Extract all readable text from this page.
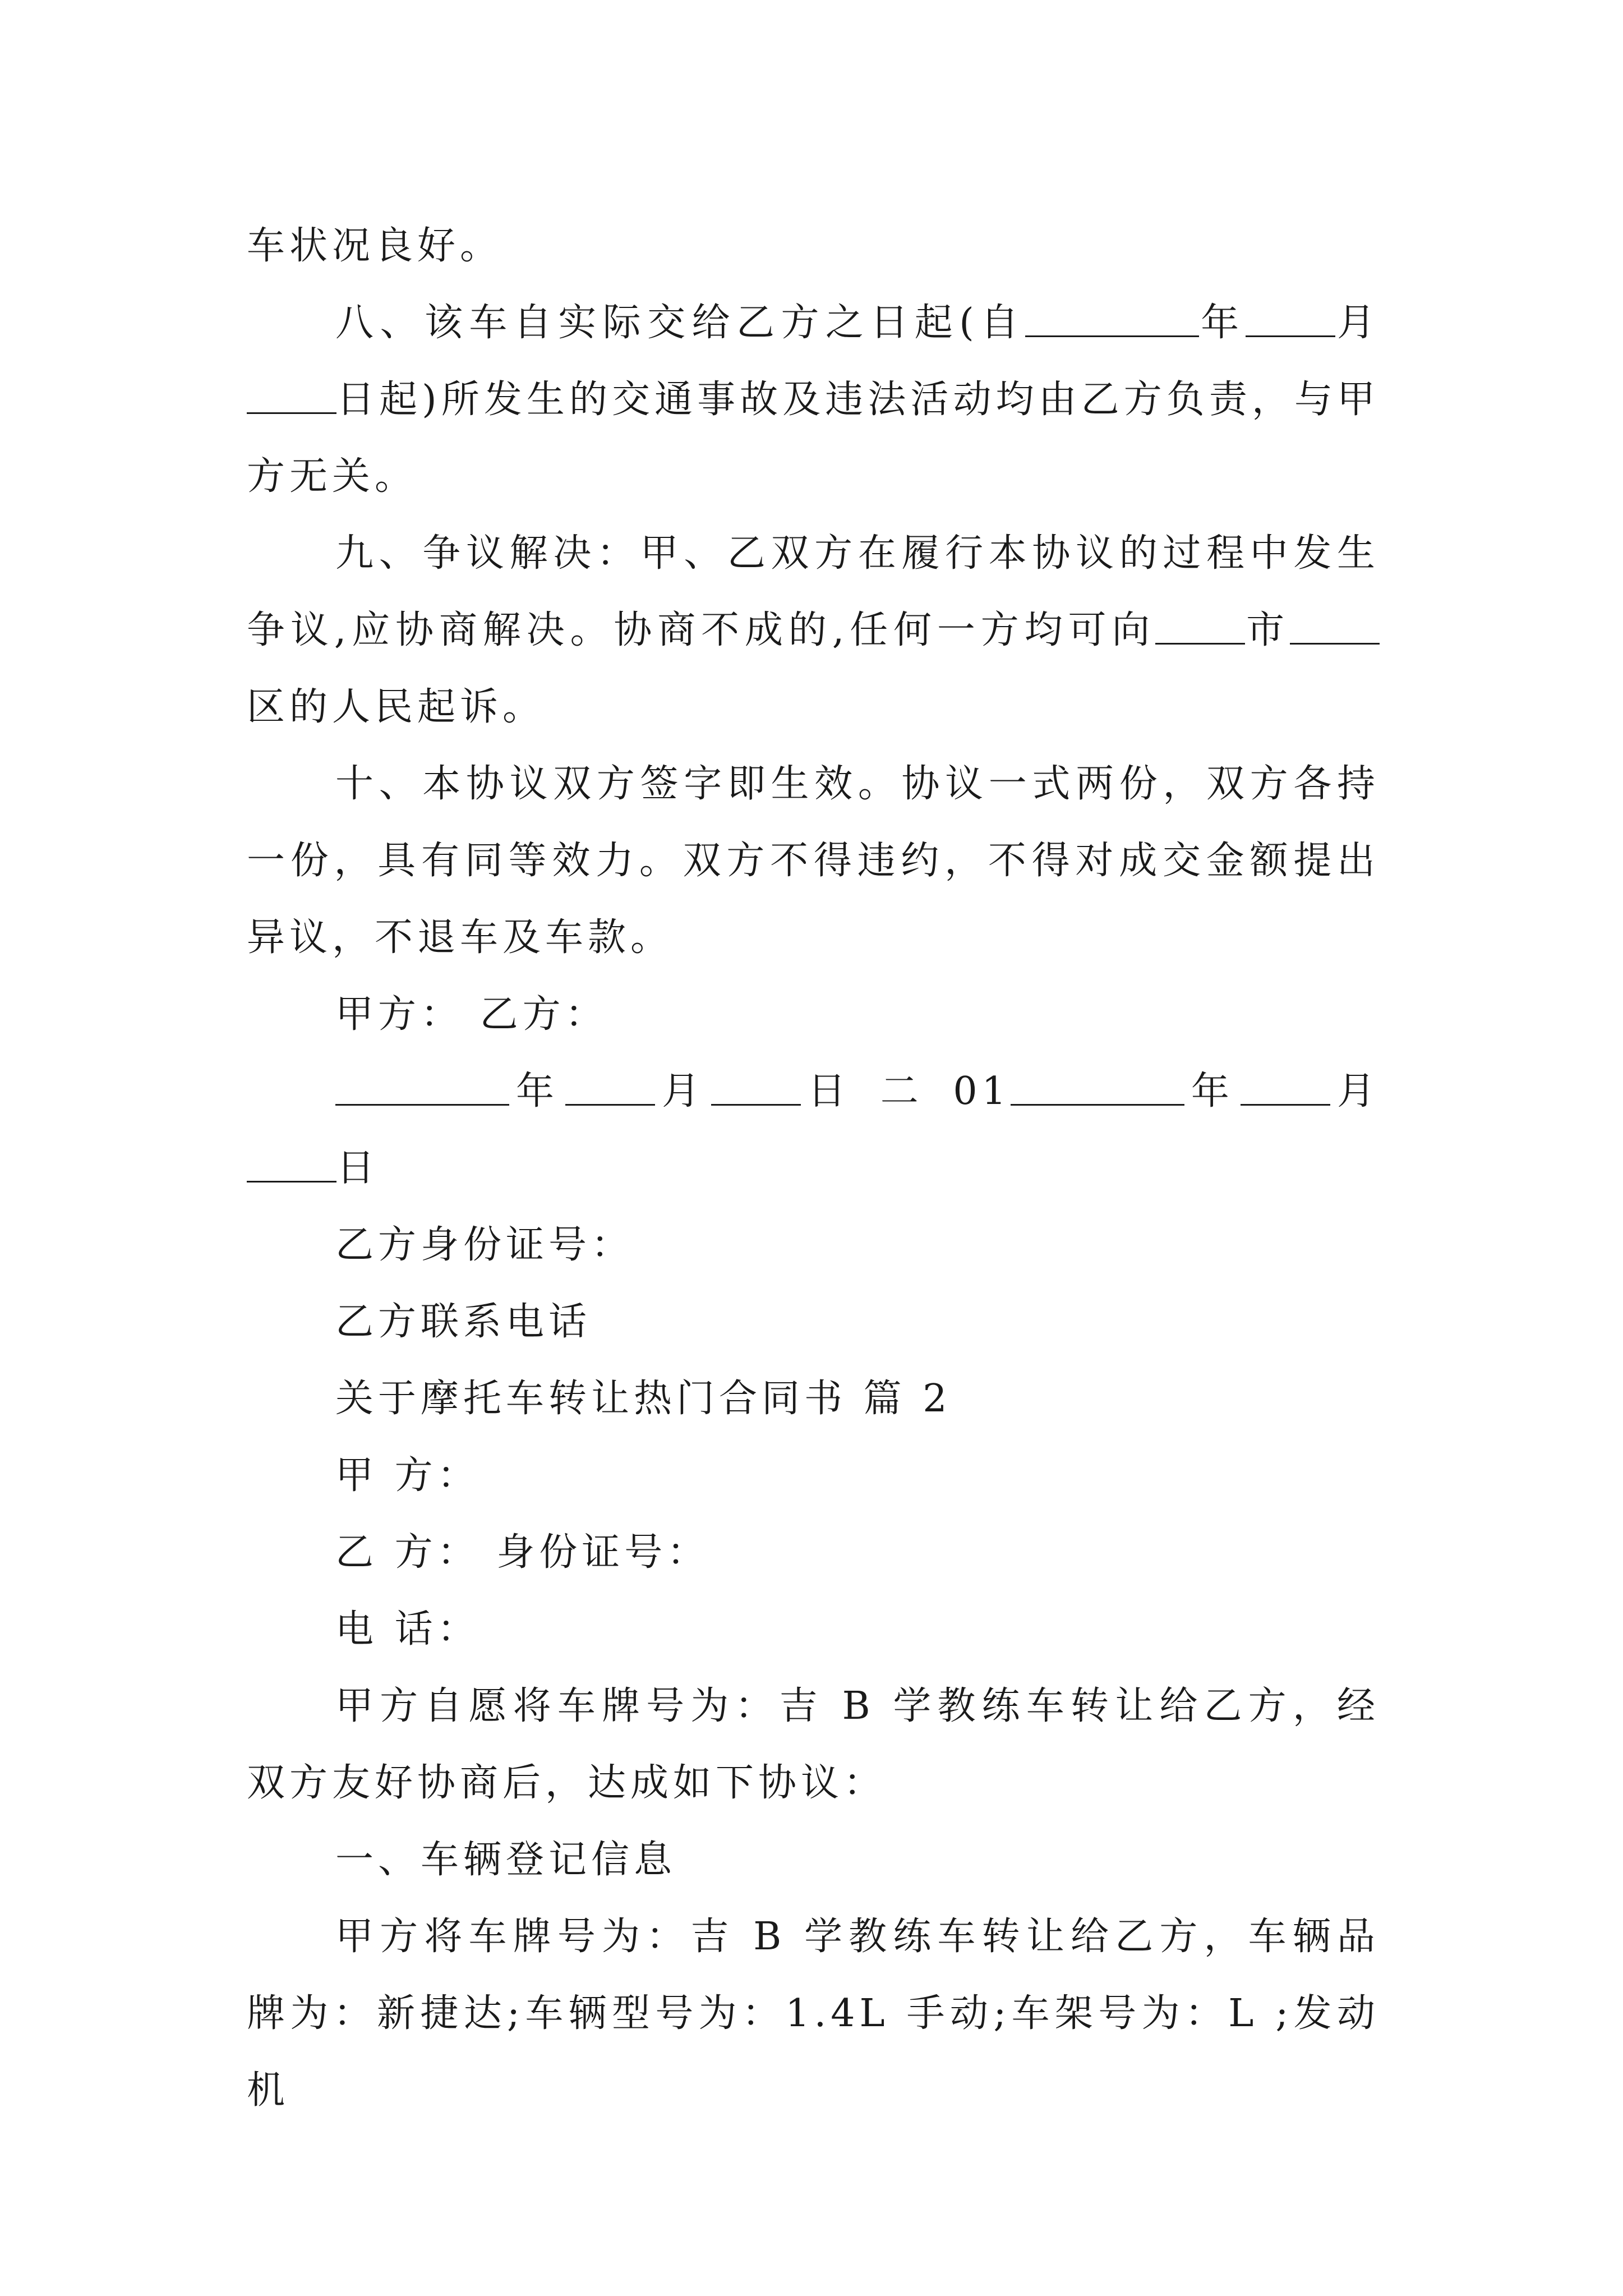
车状况良好。

八、该车自实际交给乙方之日起(自	年 月日起)所发生的交通事故及违法活动均由乙方负责，与甲方无关。

九、争议解决：甲、乙双方在履行本协议的过程中发生争议,应协商解决。协商不成的,任何一方均可向 市区的人民起诉。

十、本协议双方签字即生效。协议一式两份，双方各持一份，具有同等效力。双方不得违约，不得对成交金额提出异议，不退车及车款。

甲方： 乙方：

年 月 日 二 01	年 月日

乙方身份证号：

乙方联系电话

关于摩托车转让热门合同书 篇 2

甲 方：

乙 方： 身份证号：

电 话：

甲方自愿将车牌号为：吉 B 学教练车转让给乙方，经双方友好协商后，达成如下协议：

一、车辆登记信息

甲方将车牌号为：吉 B 学教练车转让给乙方，车辆品牌为：新捷达;车辆型号为：1.4L 手动;车架号为：L ;发动机
